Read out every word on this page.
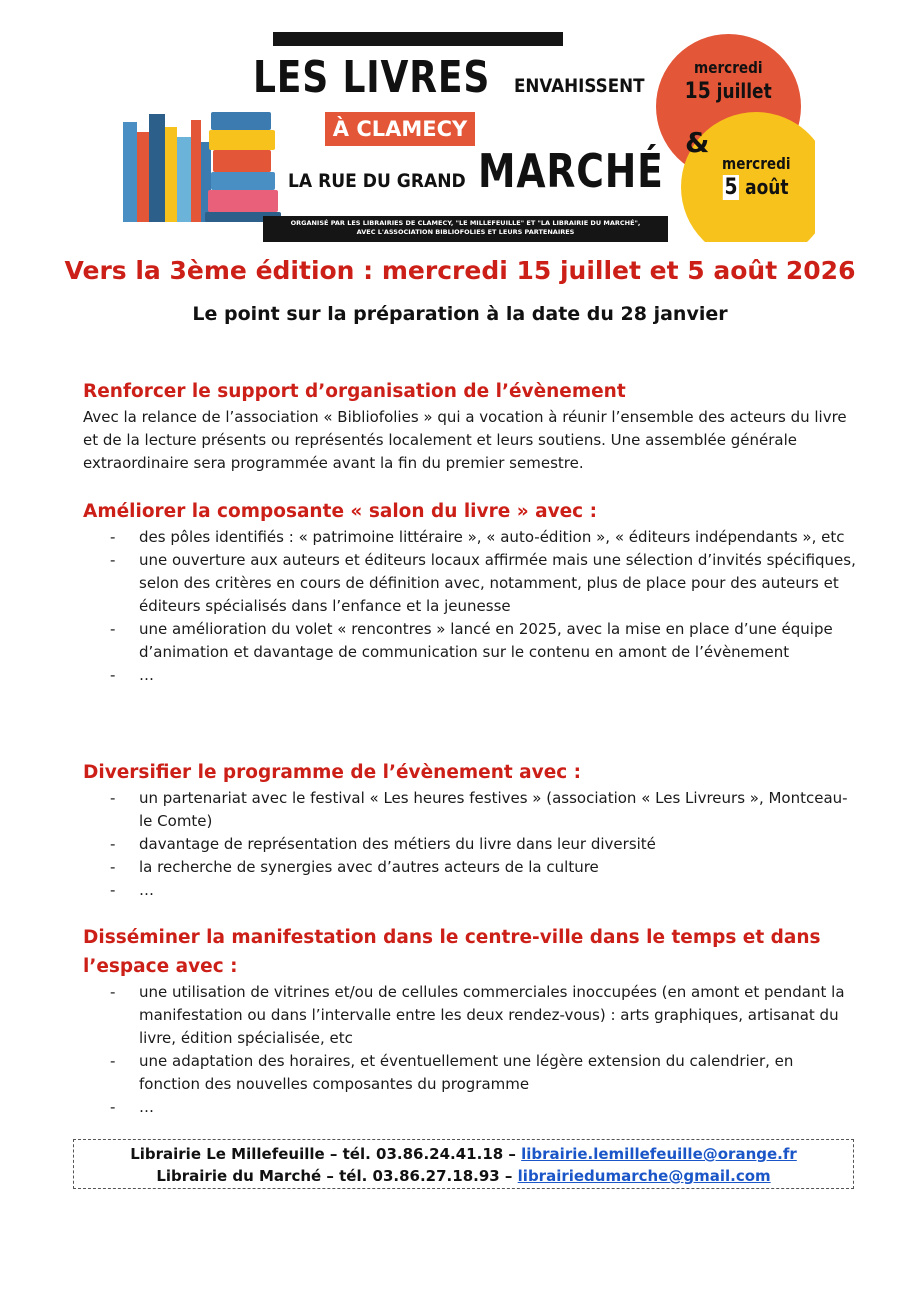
LES LIVRES ENVAHISSENT
À CLAMECY
LA RUE DU GRAND MARCHÉ
ORGANISÉ PAR LES LIBRAIRIES DE CLAMECY, "LE MILLEFEUILLE" ET "LA LIBRAIRIE DU MARCHÉ",
AVEC L'ASSOCIATION BIBLIOFOLIES ET LEURS PARTENAIRES
mercredi
15 juillet
mercredi
5 août
&
Vers la 3ème édition : mercredi 15 juillet et 5 août 2026
Le point sur la préparation à la date du 28 janvier
Renforcer le support d’organisation de l’évènement

Avec la relance de l’association « Bibliofolies » qui a vocation à réunir l’ensemble des acteurs du livre et de la lecture présents ou représentés localement et leurs soutiens. Une assemblée générale extraordinaire sera programmée avant la fin du premier semestre.

Améliorer la composante « salon du livre » avec :
- des pôles identifiés : « patrimoine littéraire », « auto-édition », « éditeurs indépendants », etc
- une ouverture aux auteurs et éditeurs locaux affirmée mais une sélection d’invités spécifiques, selon des critères en cours de définition avec, notamment, plus de place pour des auteurs et éditeurs spécialisés dans l’enfance et la jeunesse
- une amélioration du volet « rencontres » lancé en 2025, avec la mise en place d’une équipe d’animation et davantage de communication sur le contenu en amont de l’évènement
- …
Diversifier le programme de l’évènement avec :
- un partenariat avec le festival « Les heures festives » (association « Les Livreurs », Montceau-le Comte)
- davantage de représentation des métiers du livre dans leur diversité
- la recherche de synergies avec d’autres acteurs de la culture
- …
Disséminer la manifestation dans le centre-ville dans le temps et dans l’espace avec :
- une utilisation de vitrines et/ou de cellules commerciales inoccupées (en amont et pendant la manifestation ou dans l’intervalle entre les deux rendez-vous) : arts graphiques, artisanat du livre, édition spécialisée, etc
- une adaptation des horaires, et éventuellement une légère extension du calendrier, en fonction des nouvelles composantes du programme
- …
Librairie Le Millefeuille – tél. 03.86.24.41.18 – librairie.lemillefeuille@orange.fr
Librairie du Marché – tél. 03.86.27.18.93 – librairiedumarche@gmail.com
